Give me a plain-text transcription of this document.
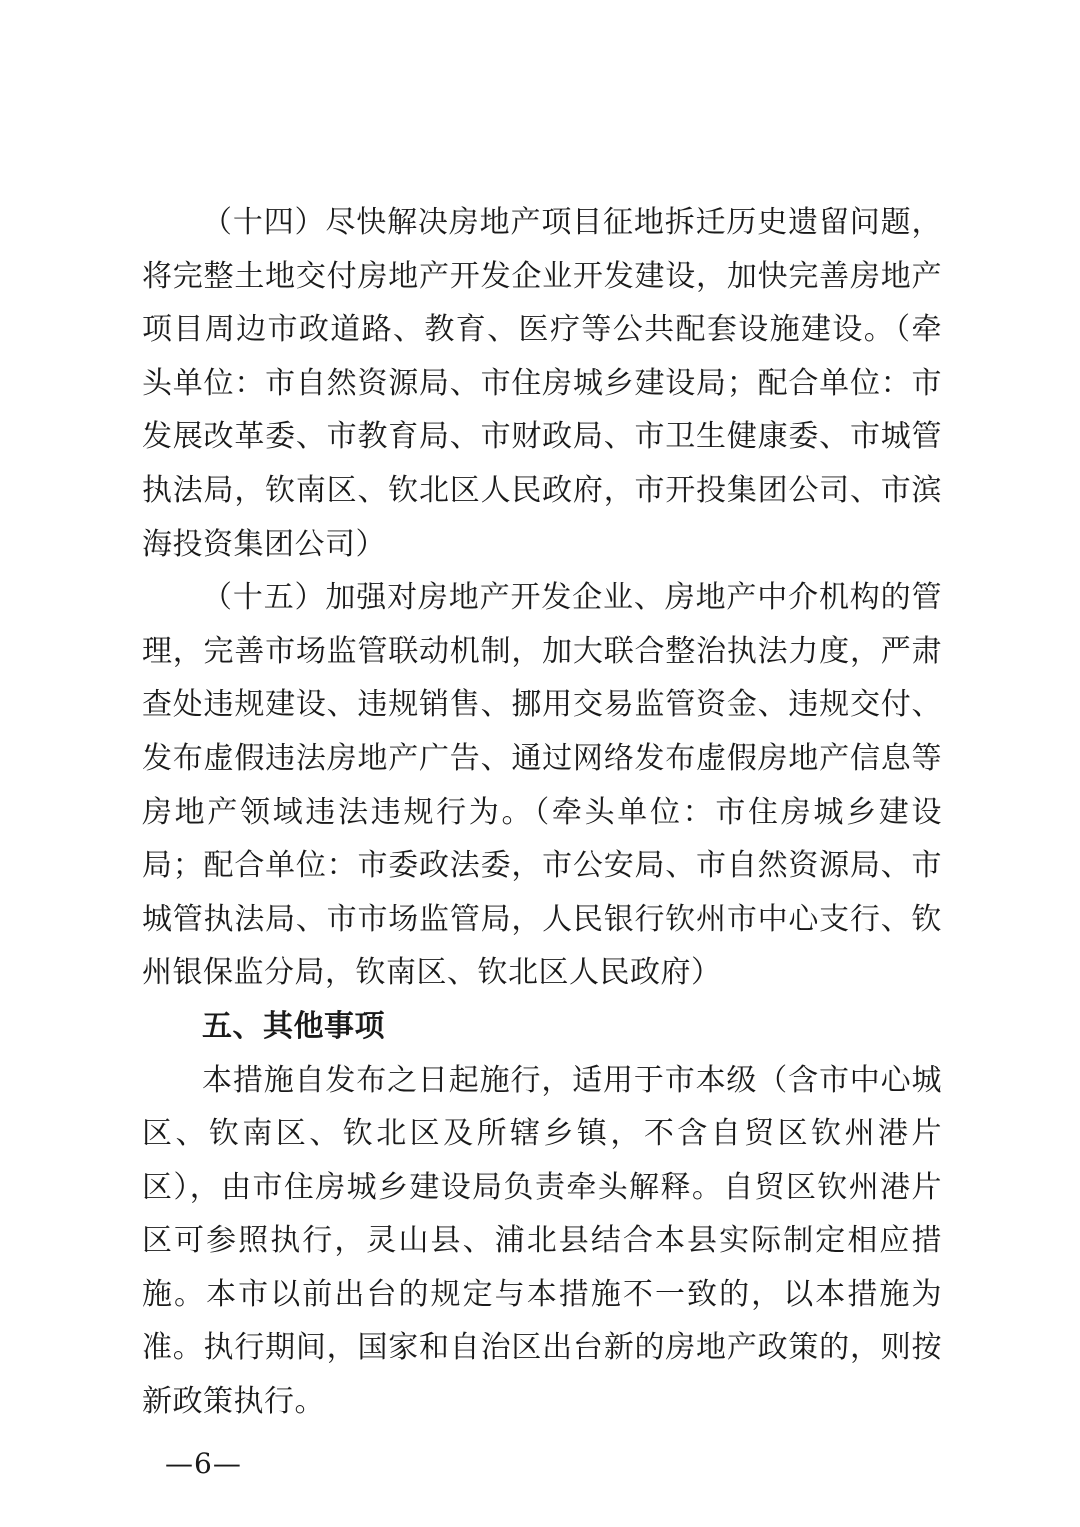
（十四）尽快解决房地产项目征地拆迁历史遗留问题，将完整土地交付房地产开发企业开发建设，加快完善房地产项目周边市政道路、教育、医疗等公共配套设施建设。（牵头单位：市自然资源局、市住房城乡建设局；配合单位：市发展改革委、市教育局、市财政局、市卫生健康委、市城管执法局，钦南区、钦北区人民政府，市开投集团公司、市滨海投资集团公司）

（十五）加强对房地产开发企业、房地产中介机构的管理，完善市场监管联动机制，加大联合整治执法力度，严肃查处违规建设、违规销售、挪用交易监管资金、违规交付、发布虚假违法房地产广告、通过网络发布虚假房地产信息等房地产领域违法违规行为。（牵头单位：市住房城乡建设局；配合单位：市委政法委，市公安局、市自然资源局、市城管执法局、市市场监管局，人民银行钦州市中心支行、钦州银保监分局，钦南区、钦北区人民政府）

五、其他事项

本措施自发布之日起施行，适用于市本级（含市中心城区、钦南区、钦北区及所辖乡镇，不含自贸区钦州港片区），由市住房城乡建设局负责牵头解释。自贸区钦州港片区可参照执行，灵山县、浦北县结合本县实际制定相应措施。本市以前出台的规定与本措施不一致的，以本措施为准。执行期间，国家和自治区出台新的房地产政策的，则按新政策执行。

—6—
